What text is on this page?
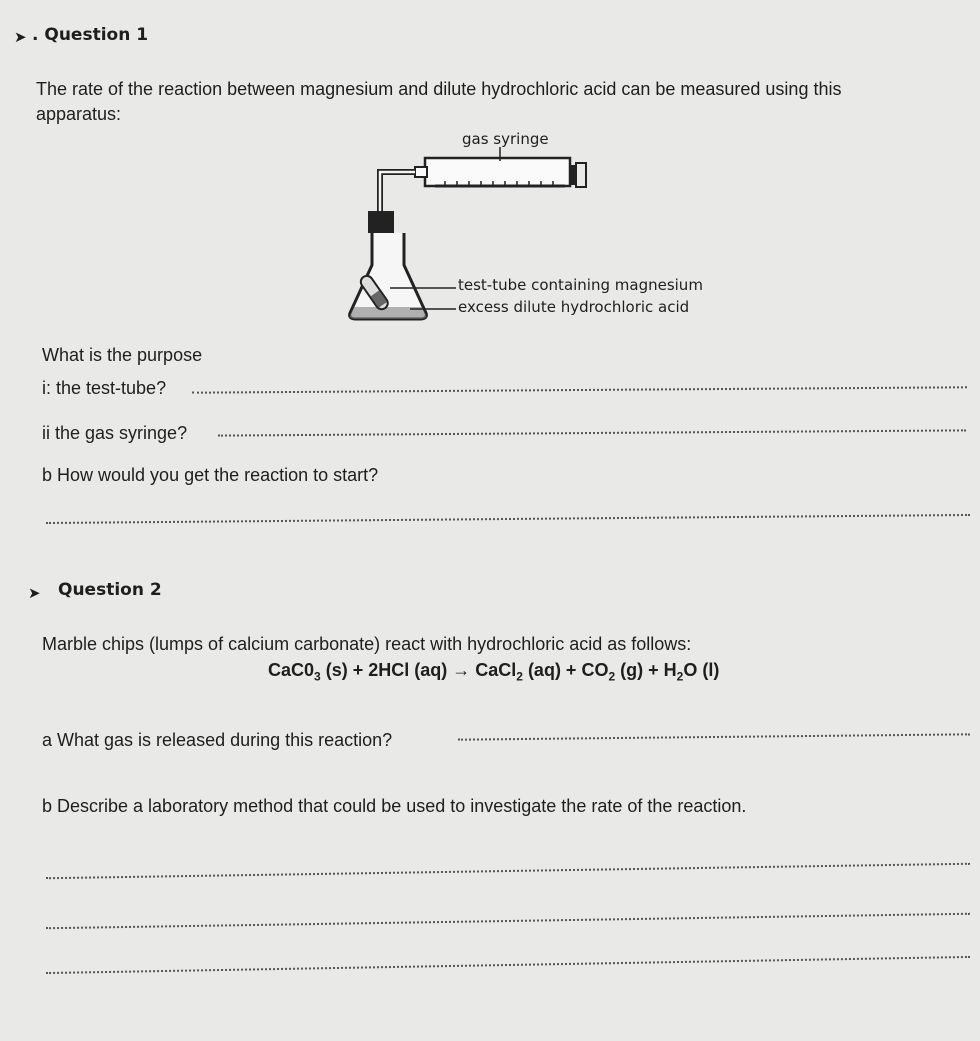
➤ . Question 1
The rate of the reaction between magnesium and dilute hydrochloric acid can be measured using this
apparatus:
gas syringe
test-tube containing magnesium
excess dilute hydrochloric acid
What is the purpose
i: the test-tube?
ii the gas syringe?
b How would you get the reaction to start?
➤ Question 2
Marble chips (lumps of calcium carbonate) react with hydrochloric acid as follows:
$CaC0_3$ (s) + 2HCl (aq) → CaCl$_2$ $(aq) + CO_2$ $(g) + H_2O$ (l)
a What gas is released during this reaction?
b Describe a laboratory method that could be used to investigate the rate of the reaction.
